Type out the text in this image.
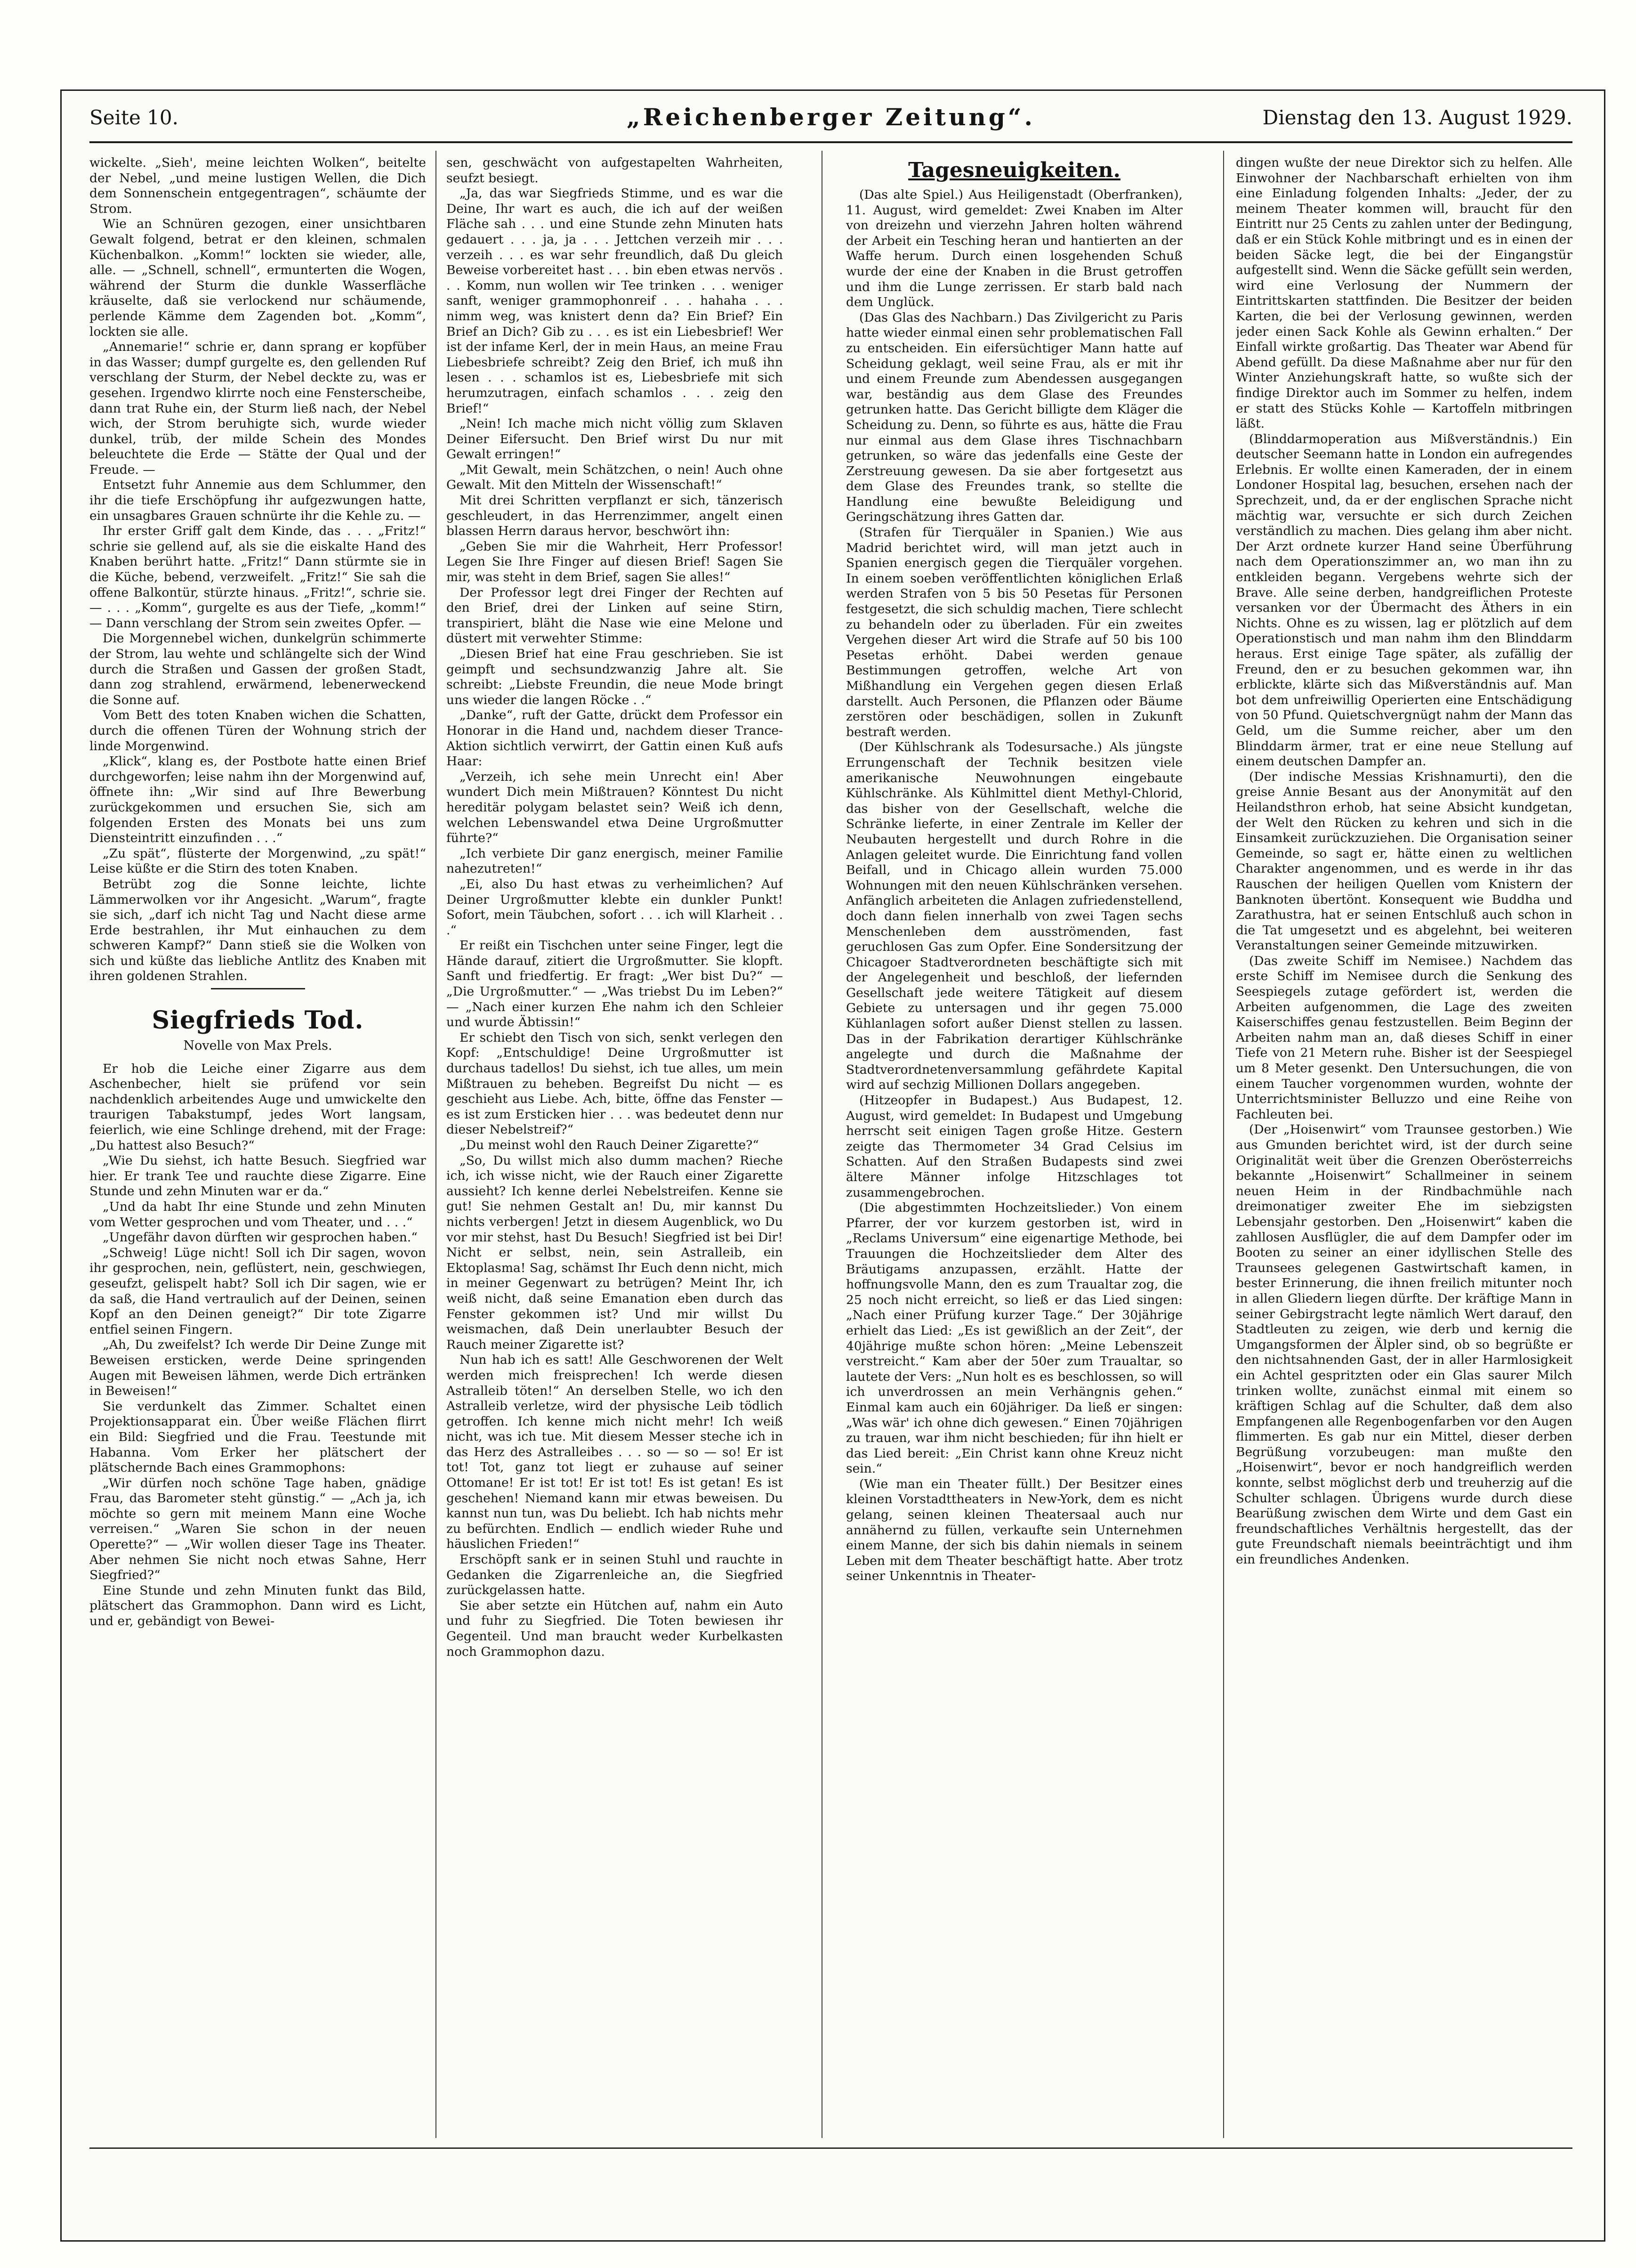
Seite 10.	„Reichenberger Zeitung“.	Dienstag den 13. August 1929.

wickelte. „Sieh', meine leichten Wolken“, beitelte der Nebel, „und meine lustigen Wellen, die Dich dem Sonnenschein entgegentragen“, schäumte der Strom.

Wie an Schnüren gezogen, einer unsichtbaren Gewalt folgend, betrat er den kleinen, schmalen Küchenbalkon. „Komm!“ lockten sie wieder, alle, alle. — „Schnell, schnell“, ermunterten die Wogen, während der Sturm die dunkle Wasserfläche kräuselte, daß sie verlockend nur schäumende, perlende Kämme dem Zagenden bot. „Komm“, lockten sie alle.

„Annemarie!“ schrie er, dann sprang er kopfüber in das Wasser; dumpf gurgelte es, den gellenden Ruf verschlang der Sturm, der Nebel deckte zu, was er gesehen. Irgendwo klirrte noch eine Fensterscheibe, dann trat Ruhe ein, der Sturm ließ nach, der Nebel wich, der Strom beruhigte sich, wurde wieder dunkel, trüb, der milde Schein des Mondes beleuchtete die Erde — Stätte der Qual und der Freude. —

Entsetzt fuhr Annemie aus dem Schlummer, den ihr die tiefe Erschöpfung ihr aufgezwungen hatte, ein unsagbares Grauen schnürte ihr die Kehle zu. —

Ihr erster Griff galt dem Kinde, das . . . „Fritz!“ schrie sie gellend auf, als sie die eiskalte Hand des Knaben berührt hatte. „Fritz!“ Dann stürmte sie in die Küche, bebend, verzweifelt. „Fritz!“ Sie sah die offene Balkontür, stürzte hinaus. „Fritz!“, schrie sie. — . . . „Komm“, gurgelte es aus der Tiefe, „komm!“ — Dann verschlang der Strom sein zweites Opfer. —

Die Morgennebel wichen, dunkelgrün schimmerte der Strom, lau wehte und schlängelte sich der Wind durch die Straßen und Gassen der großen Stadt, dann zog strahlend, erwärmend, lebenerweckend die Sonne auf.

Vom Bett des toten Knaben wichen die Schatten, durch die offenen Türen der Wohnung strich der linde Morgenwind.

„Klick“, klang es, der Postbote hatte einen Brief durchgeworfen; leise nahm ihn der Morgenwind auf, öffnete ihn: „Wir sind auf Ihre Bewerbung zurückgekommen und ersuchen Sie, sich am folgenden Ersten des Monats bei uns zum Diensteintritt einzufinden . . .“

„Zu spät“, flüsterte der Morgenwind, „zu spät!“ Leise küßte er die Stirn des toten Knaben.

Betrübt zog die Sonne leichte, lichte Lämmerwolken vor ihr Angesicht. „Warum“, fragte sie sich, „darf ich nicht Tag und Nacht diese arme Erde bestrahlen, ihr Mut einhauchen zu dem schweren Kampf?“ Dann stieß sie die Wolken von sich und küßte das liebliche Antlitz des Knaben mit ihren goldenen Strahlen.

Siegfrieds Tod.
Novelle von Max Prels.

Er hob die Leiche einer Zigarre aus dem Aschenbecher, hielt sie prüfend vor sein nachdenklich arbeitendes Auge und umwickelte den traurigen Tabakstumpf, jedes Wort langsam, feierlich, wie eine Schlinge drehend, mit der Frage: „Du hattest also Besuch?“

„Wie Du siehst, ich hatte Besuch. Siegfried war hier. Er trank Tee und rauchte diese Zigarre. Eine Stunde und zehn Minuten war er da.“

„Und da habt Ihr eine Stunde und zehn Minuten vom Wetter gesprochen und vom Theater, und . . .“

„Ungefähr davon dürften wir gesprochen haben.“

„Schweig! Lüge nicht! Soll ich Dir sagen, wovon ihr gesprochen, nein, geflüstert, nein, geschwiegen, geseufzt, gelispelt habt? Soll ich Dir sagen, wie er da saß, die Hand vertraulich auf der Deinen, seinen Kopf an den Deinen geneigt?“ Dir tote Zigarre entfiel seinen Fingern.

„Ah, Du zweifelst? Ich werde Dir Deine Zunge mit Beweisen ersticken, werde Deine springenden Augen mit Beweisen lähmen, werde Dich ertränken in Beweisen!“

Sie verdunkelt das Zimmer. Schaltet einen Projektionsapparat ein. Über weiße Flächen flirrt ein Bild: Siegfried und die Frau. Teestunde mit Habanna. Vom Erker her plätschert der plätschernde Bach eines Grammophons:

„Wir dürfen noch schöne Tage haben, gnädige Frau, das Barometer steht günstig.“ — „Ach ja, ich möchte so gern mit meinem Mann eine Woche verreisen.“ „Waren Sie schon in der neuen Operette?“ — „Wir wollen dieser Tage ins Theater. Aber nehmen Sie nicht noch etwas Sahne, Herr Siegfried?“

Eine Stunde und zehn Minuten funkt das Bild, plätschert das Grammophon. Dann wird es Licht, und er, gebändigt von Bewei-

sen, geschwächt von aufgestapelten Wahrheiten, seufzt besiegt.

„Ja, das war Siegfrieds Stimme, und es war die Deine, Ihr wart es auch, die ich auf der weißen Fläche sah . . . und eine Stunde zehn Minuten hats gedauert . . . ja, ja . . . Jettchen verzeih mir . . . verzeih . . . es war sehr freundlich, daß Du gleich Beweise vorbereitet hast . . . bin eben etwas nervös . . . Komm, nun wollen wir Tee trinken . . . weniger sanft, weniger grammophonreif . . . hahaha . . . nimm weg, was knistert denn da? Ein Brief? Ein Brief an Dich? Gib zu . . . es ist ein Liebesbrief! Wer ist der infame Kerl, der in mein Haus, an meine Frau Liebesbriefe schreibt? Zeig den Brief, ich muß ihn lesen . . . schamlos ist es, Liebesbriefe mit sich herumzutragen, einfach schamlos . . . zeig den Brief!“

„Nein! Ich mache mich nicht völlig zum Sklaven Deiner Eifersucht. Den Brief wirst Du nur mit Gewalt erringen!“

„Mit Gewalt, mein Schätzchen, o nein! Auch ohne Gewalt. Mit den Mitteln der Wissenschaft!“

Mit drei Schritten verpflanzt er sich, tänzerisch geschleudert, in das Herrenzimmer, angelt einen blassen Herrn daraus hervor, beschwört ihn:

„Geben Sie mir die Wahrheit, Herr Professor! Legen Sie Ihre Finger auf diesen Brief! Sagen Sie mir, was steht in dem Brief, sagen Sie alles!“

Der Professor legt drei Finger der Rechten auf den Brief, drei der Linken auf seine Stirn, transpiriert, bläht die Nase wie eine Melone und düstert mit verwehter Stimme:

„Diesen Brief hat eine Frau geschrieben. Sie ist geimpft und sechsundzwanzig Jahre alt. Sie schreibt: „Liebste Freundin, die neue Mode bringt uns wieder die langen Röcke . .“

„Danke“, ruft der Gatte, drückt dem Professor ein Honorar in die Hand und, nachdem dieser Trance-Aktion sichtlich verwirrt, der Gattin einen Kuß aufs Haar:

„Verzeih, ich sehe mein Unrecht ein! Aber wundert Dich mein Mißtrauen? Könntest Du nicht hereditär polygam belastet sein? Weiß ich denn, welchen Lebenswandel etwa Deine Urgroßmutter führte?“

„Ich verbiete Dir ganz energisch, meiner Familie nahezutreten!“

„Ei, also Du hast etwas zu verheimlichen? Auf Deiner Urgroßmutter klebte ein dunkler Punkt! Sofort, mein Täubchen, sofort . . . ich will Klarheit . . .“

Er reißt ein Tischchen unter seine Finger, legt die Hände darauf, zitiert die Urgroßmutter. Sie klopft. Sanft und friedfertig. Er fragt: „Wer bist Du?“ — „Die Urgroßmutter.“ — „Was triebst Du im Leben?“ — „Nach einer kurzen Ehe nahm ich den Schleier und wurde Äbtissin!“

Er schiebt den Tisch von sich, senkt verlegen den Kopf: „Entschuldige! Deine Urgroßmutter ist durchaus tadellos! Du siehst, ich tue alles, um mein Mißtrauen zu beheben. Begreifst Du nicht — es geschieht aus Liebe. Ach, bitte, öffne das Fenster — es ist zum Ersticken hier . . . was bedeutet denn nur dieser Nebelstreif?“

„Du meinst wohl den Rauch Deiner Zigarette?“

„So, Du willst mich also dumm machen? Rieche ich, ich wisse nicht, wie der Rauch einer Zigarette aussieht? Ich kenne derlei Nebelstreifen. Kenne sie gut! Sie nehmen Gestalt an! Du, mir kannst Du nichts verbergen! Jetzt in diesem Augenblick, wo Du vor mir stehst, hast Du Besuch! Siegfried ist bei Dir! Nicht er selbst, nein, sein Astralleib, ein Ektoplasma! Sag, schämst Ihr Euch denn nicht, mich in meiner Gegenwart zu betrügen? Meint Ihr, ich weiß nicht, daß seine Emanation eben durch das Fenster gekommen ist? Und mir willst Du weismachen, daß Dein unerlaubter Besuch der Rauch meiner Zigarette ist?

Nun hab ich es satt! Alle Geschworenen der Welt werden mich freisprechen! Ich werde diesen Astralleib töten!“ An derselben Stelle, wo ich den Astralleib verletze, wird der physische Leib tödlich getroffen. Ich kenne mich nicht mehr! Ich weiß nicht, was ich tue. Mit diesem Messer steche ich in das Herz des Astralleibes . . . so — so — so! Er ist tot! Tot, ganz tot liegt er zuhause auf seiner Ottomane! Er ist tot! Er ist tot! Es ist getan! Es ist geschehen! Niemand kann mir etwas beweisen. Du kannst nun tun, was Du beliebt. Ich hab nichts mehr zu befürchten. Endlich — endlich wieder Ruhe und häuslichen Frieden!“

Erschöpft sank er in seinen Stuhl und rauchte in Gedanken die Zigarrenleiche an, die Siegfried zurückgelassen hatte.

Sie aber setzte ein Hütchen auf, nahm ein Auto und fuhr zu Siegfried. Die Toten bewiesen ihr Gegenteil. Und man braucht weder Kurbelkasten noch Grammophon dazu.

Tagesneuigkeiten.

(Das alte Spiel.) Aus Heiligenstadt (Oberfranken), 11. August, wird gemeldet: Zwei Knaben im Alter von dreizehn und vierzehn Jahren holten während der Arbeit ein Tesching heran und hantierten an der Waffe herum. Durch einen losgehenden Schuß wurde der eine der Knaben in die Brust getroffen und ihm die Lunge zerrissen. Er starb bald nach dem Unglück.

(Das Glas des Nachbarn.) Das Zivilgericht zu Paris hatte wieder einmal einen sehr problematischen Fall zu entscheiden. Ein eifersüchtiger Mann hatte auf Scheidung geklagt, weil seine Frau, als er mit ihr und einem Freunde zum Abendessen ausgegangen war, beständig aus dem Glase des Freundes getrunken hatte. Das Gericht billigte dem Kläger die Scheidung zu. Denn, so führte es aus, hätte die Frau nur einmal aus dem Glase ihres Tischnachbarn getrunken, so wäre das jedenfalls eine Geste der Zerstreuung gewesen. Da sie aber fortgesetzt aus dem Glase des Freundes trank, so stellte die Handlung eine bewußte Beleidigung und Geringschätzung ihres Gatten dar.

(Strafen für Tierquäler in Spanien.) Wie aus Madrid berichtet wird, will man jetzt auch in Spanien energisch gegen die Tierquäler vorgehen. In einem soeben veröffentlichten königlichen Erlaß werden Strafen von 5 bis 50 Pesetas für Personen festgesetzt, die sich schuldig machen, Tiere schlecht zu behandeln oder zu überladen. Für ein zweites Vergehen dieser Art wird die Strafe auf 50 bis 100 Pesetas erhöht. Dabei werden genaue Bestimmungen getroffen, welche Art von Mißhandlung ein Vergehen gegen diesen Erlaß darstellt. Auch Personen, die Pflanzen oder Bäume zerstören oder beschädigen, sollen in Zukunft bestraft werden.

(Der Kühlschrank als Todesursache.) Als jüngste Errungenschaft der Technik besitzen viele amerikanische Neuwohnungen eingebaute Kühlschränke. Als Kühlmittel dient Methyl-Chlorid, das bisher von der Gesellschaft, welche die Schränke lieferte, in einer Zentrale im Keller der Neubauten hergestellt und durch Rohre in die Anlagen geleitet wurde. Die Einrichtung fand vollen Beifall, und in Chicago allein wurden 75.000 Wohnungen mit den neuen Kühlschränken versehen. Anfänglich arbeiteten die Anlagen zufriedenstellend, doch dann fielen innerhalb von zwei Tagen sechs Menschenleben dem ausströmenden, fast geruchlosen Gas zum Opfer. Eine Sondersitzung der Chicagoer Stadtverordneten beschäftigte sich mit der Angelegenheit und beschloß, der liefernden Gesellschaft jede weitere Tätigkeit auf diesem Gebiete zu untersagen und ihr gegen 75.000 Kühlanlagen sofort außer Dienst stellen zu lassen. Das in der Fabrikation derartiger Kühlschränke angelegte und durch die Maßnahme der Stadtverordnetenversammlung gefährdete Kapital wird auf sechzig Millionen Dollars angegeben.

(Hitzeopfer in Budapest.) Aus Budapest, 12. August, wird gemeldet: In Budapest und Umgebung herrscht seit einigen Tagen große Hitze. Gestern zeigte das Thermometer 34 Grad Celsius im Schatten. Auf den Straßen Budapests sind zwei ältere Männer infolge Hitzschlages tot zusammengebrochen.

(Die abgestimmten Hochzeitslieder.) Von einem Pfarrer, der vor kurzem gestorben ist, wird in „Reclams Universum“ eine eigenartige Methode, bei Trauungen die Hochzeitslieder dem Alter des Bräutigams anzupassen, erzählt. Hatte der hoffnungsvolle Mann, den es zum Traualtar zog, die 25 noch nicht erreicht, so ließ er das Lied singen: „Nach einer Prüfung kurzer Tage.“ Der 30jährige erhielt das Lied: „Es ist gewißlich an der Zeit“, der 40jährige mußte schon hören: „Meine Lebenszeit verstreicht.“ Kam aber der 50er zum Traualtar, so lautete der Vers: „Nun holt es es beschlossen, so will ich unverdrossen an mein Verhängnis gehen.“ Einmal kam auch ein 60jähriger. Da ließ er singen: „Was wär' ich ohne dich gewesen.“ Einen 70jährigen zu trauen, war ihm nicht beschieden; für ihn hielt er das Lied bereit: „Ein Christ kann ohne Kreuz nicht sein.“

(Wie man ein Theater füllt.) Der Besitzer eines kleinen Vorstadttheaters in New-York, dem es nicht gelang, seinen kleinen Theatersaal auch nur annähernd zu füllen, verkaufte sein Unternehmen einem Manne, der sich bis dahin niemals in seinem Leben mit dem Theater beschäftigt hatte. Aber trotz seiner Unkenntnis in Theater-

dingen wußte der neue Direktor sich zu helfen. Alle Einwohner der Nachbarschaft erhielten von ihm eine Einladung folgenden Inhalts: „Jeder, der zu meinem Theater kommen will, braucht für den Eintritt nur 25 Cents zu zahlen unter der Bedingung, daß er ein Stück Kohle mitbringt und es in einen der beiden Säcke legt, die bei der Eingangstür aufgestellt sind. Wenn die Säcke gefüllt sein werden, wird eine Verlosung der Nummern der Eintrittskarten stattfinden. Die Besitzer der beiden Karten, die bei der Verlosung gewinnen, werden jeder einen Sack Kohle als Gewinn erhalten.“ Der Einfall wirkte großartig. Das Theater war Abend für Abend gefüllt. Da diese Maßnahme aber nur für den Winter Anziehungskraft hatte, so wußte sich der findige Direktor auch im Sommer zu helfen, indem er statt des Stücks Kohle — Kartoffeln mitbringen läßt.

(Blinddarmoperation aus Mißverständnis.) Ein deutscher Seemann hatte in London ein aufregendes Erlebnis. Er wollte einen Kameraden, der in einem Londoner Hospital lag, besuchen, ersehen nach der Sprechzeit, und, da er der englischen Sprache nicht mächtig war, versuchte er sich durch Zeichen verständlich zu machen. Dies gelang ihm aber nicht. Der Arzt ordnete kurzer Hand seine Überführung nach dem Operationszimmer an, wo man ihn zu entkleiden begann. Vergebens wehrte sich der Brave. Alle seine derben, handgreiflichen Proteste versanken vor der Übermacht des Äthers in ein Nichts. Ohne es zu wissen, lag er plötzlich auf dem Operationstisch und man nahm ihm den Blinddarm heraus. Erst einige Tage später, als zufällig der Freund, den er zu besuchen gekommen war, ihn erblickte, klärte sich das Mißverständnis auf. Man bot dem unfreiwillig Operierten eine Entschädigung von 50 Pfund. Quietschvergnügt nahm der Mann das Geld, um die Summe reicher, aber um den Blinddarm ärmer, trat er eine neue Stellung auf einem deutschen Dampfer an.

(Der indische Messias Krishnamurti), den die greise Annie Besant aus der Anonymität auf den Heilandsthron erhob, hat seine Absicht kundgetan, der Welt den Rücken zu kehren und sich in die Einsamkeit zurückzuziehen. Die Organisation seiner Gemeinde, so sagt er, hätte einen zu weltlichen Charakter angenommen, und es werde in ihr das Rauschen der heiligen Quellen vom Knistern der Banknoten übertönt. Konsequent wie Buddha und Zarathustra, hat er seinen Entschluß auch schon in die Tat umgesetzt und es abgelehnt, bei weiteren Veranstaltungen seiner Gemeinde mitzuwirken.

(Das zweite Schiff im Nemisee.) Nachdem das erste Schiff im Nemisee durch die Senkung des Seespiegels zutage gefördert ist, werden die Arbeiten aufgenommen, die Lage des zweiten Kaiserschiffes genau festzustellen. Beim Beginn der Arbeiten nahm man an, daß dieses Schiff in einer Tiefe von 21 Metern ruhe. Bisher ist der Seespiegel um 8 Meter gesenkt. Den Untersuchungen, die von einem Taucher vorgenommen wurden, wohnte der Unterrichtsminister Belluzzo und eine Reihe von Fachleuten bei.

(Der „Hoisenwirt“ vom Traunsee gestorben.) Wie aus Gmunden berichtet wird, ist der durch seine Originalität weit über die Grenzen Oberösterreichs bekannte „Hoisenwirt“ Schallmeiner in seinem neuen Heim in der Rindbachmühle nach dreimonatiger zweiter Ehe im siebzigsten Lebensjahr gestorben. Den „Hoisenwirt“ kaben die zahllosen Ausflügler, die auf dem Dampfer oder im Booten zu seiner an einer idyllischen Stelle des Traunsees gelegenen Gastwirtschaft kamen, in bester Erinnerung, die ihnen freilich mitunter noch in allen Gliedern liegen dürfte. Der kräftige Mann in seiner Gebirgstracht legte nämlich Wert darauf, den Stadtleuten zu zeigen, wie derb und kernig die Umgangsformen der Älpler sind, ob so begrüßte er den nichtsahnenden Gast, der in aller Harmlosigkeit ein Achtel gespritzten oder ein Glas saurer Milch trinken wollte, zunächst einmal mit einem so kräftigen Schlag auf die Schulter, daß dem also Empfangenen alle Regenbogenfarben vor den Augen flimmerten. Es gab nur ein Mittel, dieser derben Begrüßung vorzubeugen: man mußte den „Hoisenwirt“, bevor er noch handgreiflich werden konnte, selbst möglichst derb und treuherzig auf die Schulter schlagen. Übrigens wurde durch diese Bearüßung zwischen dem Wirte und dem Gast ein freundschaftliches Verhältnis hergestellt, das der gute Freundschaft niemals beeinträchtigt und ihm ein freundliches Andenken.
